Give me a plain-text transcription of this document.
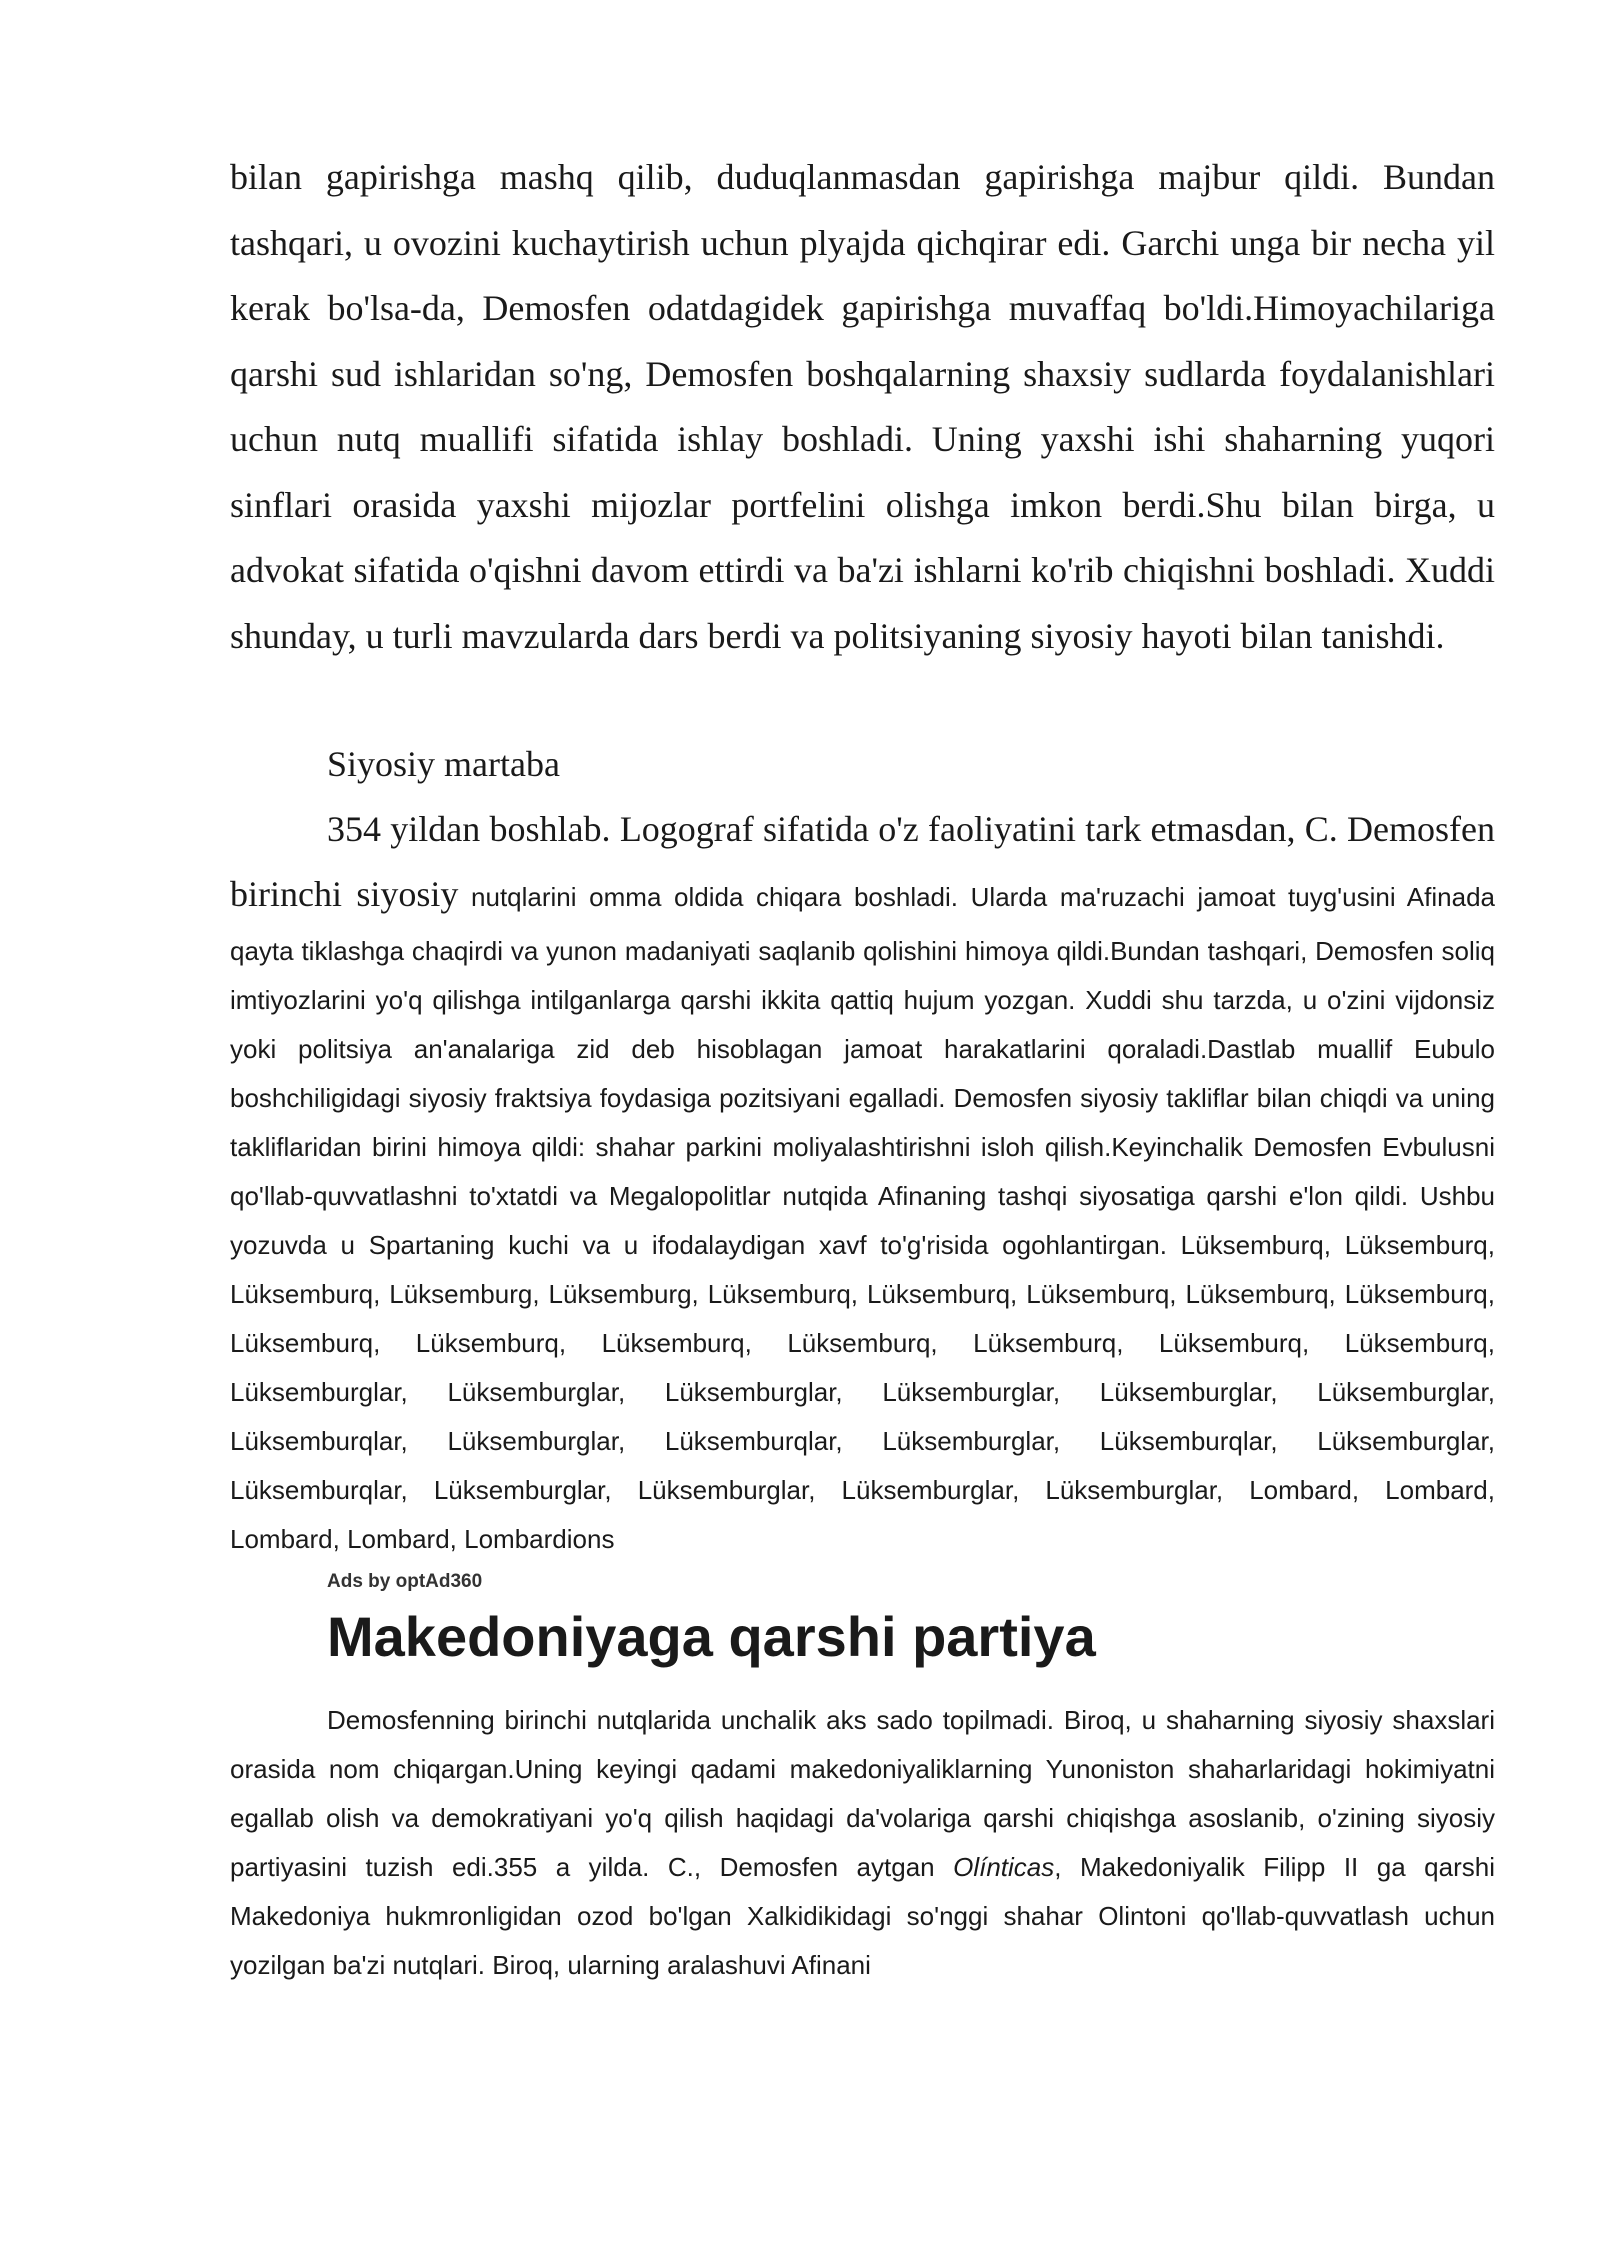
bilan gapirishga mashq qilib, duduqlanmasdan gapirishga majbur qildi. Bundan tashqari, u ovozini kuchaytirish uchun plyajda qichqirar edi. Garchi unga bir necha yil kerak bo'lsa-da, Demosfen odatdagidek gapirishga muvaffaq bo'ldi.Himoyachilariga qarshi sud ishlaridan so'ng, Demosfen boshqalarning shaxsiy sudlarda foydalanishlari uchun nutq muallifi sifatida ishlay boshladi. Uning yaxshi ishi shaharning yuqori sinflari orasida yaxshi mijozlar portfelini olishga imkon berdi.Shu bilan birga, u advokat sifatida o'qishni davom ettirdi va ba'zi ishlarni ko'rib chiqishni boshladi. Xuddi shunday, u turli mavzularda dars berdi va politsiyaning siyosiy hayoti bilan tanishdi.

Siyosiy martaba

354 yildan boshlab. Logograf sifatida o'z faoliyatini tark etmasdan, C. Demosfen birinchi siyosiy nutqlarini omma oldida chiqara boshladi. Ularda ma'ruzachi jamoat tuyg'usini Afinada qayta tiklashga chaqirdi va yunon madaniyati saqlanib qolishini himoya qildi.Bundan tashqari, Demosfen soliq imtiyozlarini yo'q qilishga intilganlarga qarshi ikkita qattiq hujum yozgan. Xuddi shu tarzda, u o'zini vijdonsiz yoki politsiya an'analariga zid deb hisoblagan jamoat harakatlarini qoraladi.Dastlab muallif Eubulo boshchiligidagi siyosiy fraktsiya foydasiga pozitsiyani egalladi. Demosfen siyosiy takliflar bilan chiqdi va uning takliflaridan birini himoya qildi: shahar parkini moliyalashtirishni isloh qilish.Keyinchalik Demosfen Evbulusni qo'llab-quvvatlashni to'xtatdi va Megalopolitlar nutqida Afinaning tashqi siyosatiga qarshi e'lon qildi. Ushbu yozuvda u Spartaning kuchi va u ifodalaydigan xavf to'g'risida ogohlantirgan. Lüksemburq, Lüksemburq, Lüksemburq, Lüksemburg, Lüksemburg, Lüksemburq, Lüksemburq, Lüksemburq, Lüksemburq, Lüksemburq, Lüksemburq, Lüksemburq, Lüksemburq, Lüksemburq, Lüksemburq, Lüksemburq, Lüksemburq, Lüksemburglar, Lüksemburglar, Lüksemburglar, Lüksemburglar, Lüksemburglar, Lüksemburglar, Lüksemburqlar, Lüksemburglar, Lüksemburqlar, Lüksemburglar, Lüksemburqlar, Lüksemburglar, Lüksemburqlar, Lüksemburglar, Lüksemburglar, Lüksemburglar, Lüksemburglar, Lombard, Lombard, Lombard, Lombard, Lombardions

Ads by optAd360
Makedoniyaga qarshi partiya

Demosfenning birinchi nutqlarida unchalik aks sado topilmadi. Biroq, u shaharning siyosiy shaxslari orasida nom chiqargan.Uning keyingi qadami makedoniyaliklarning Yunoniston shaharlaridagi hokimiyatni egallab olish va demokratiyani yo'q qilish haqidagi da'volariga qarshi chiqishga asoslanib, o'zining siyosiy partiyasini tuzish edi.355 a yilda. C., Demosfen aytgan Olínticas, Makedoniyalik Filipp II ga qarshi Makedoniya hukmronligidan ozod bo'lgan Xalkidikidagi so'nggi shahar Olintoni qo'llab-quvvatlash uchun yozilgan ba'zi nutqlari. Biroq, ularning aralashuvi Afinani
